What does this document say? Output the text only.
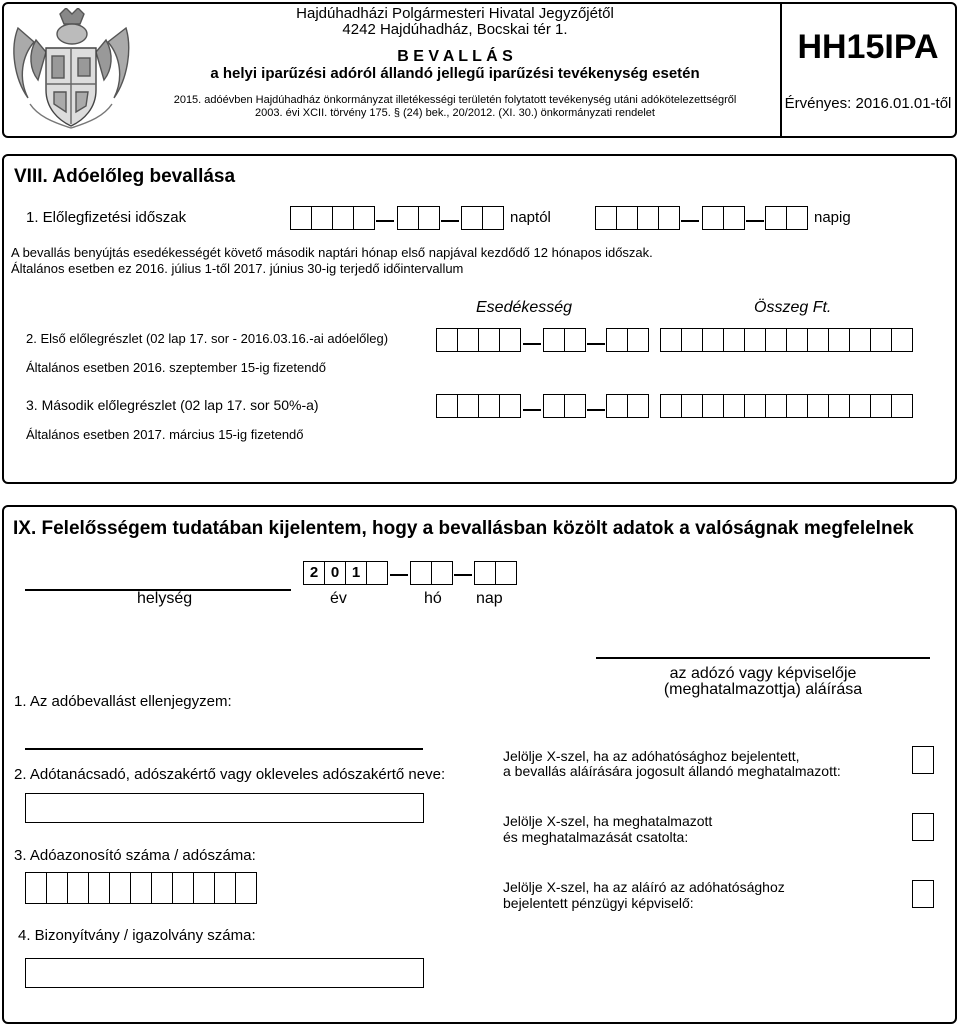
Hajdúhadházi Polgármesteri Hivatal Jegyzőjétől
4242 Hajdúhadház, Bocskai tér 1.
B E V A L L Á S
a helyi iparűzési adóról állandó jellegű iparűzési tevékenység esetén
2015. adóévben Hajdúhadház önkormányzat illetékességi területén folytatott tevékenység utáni adókötelezettségről
2003. évi XCII. törvény 175. § (24) bek., 20/2012. (XI. 30.) önkormányzati rendelet
HH15IPA
Érvényes: 2016.01.01-től
VIII. Adóelőleg bevallása
1. Előlegfizetési időszak	naptól	napig
A bevallás benyújtás esedékességét követő második naptári hónap első napjával kezdődő 12 hónapos időszak.
Általános esetben ez 2016. július 1-től 2017. június 30-ig terjedő időintervallum
Esedékesség	Összeg Ft.
2. Első előlegrészlet (02 lap 17. sor - 2016.03.16.-ai adóelőleg)
Általános esetben 2016. szeptember 15-ig fizetendő
3. Második előlegrészlet (02 lap 17. sor 50%-a)
Általános esetben 2017. március 15-ig fizetendő
IX. Felelősségem tudatában kijelentem, hogy a bevallásban közölt adatok a valóságnak megfelelnek
helység
2 0 1
év	hó nap
az adózó vagy képviselője
(meghatalmazottja) aláírása
1. Az adóbevallást ellenjegyzem:
2. Adótanácsadó, adószakértő vagy okleveles adószakértő neve:
3. Adóazonosító száma / adószáma:
4. Bizonyítvány / igazolvány száma:
Jelölje X-szel, ha az adóhatósághoz bejelentett,
a bevallás aláírására jogosult állandó meghatalmazott:
Jelölje X-szel, ha meghatalmazott
és meghatalmazását csatolta:
Jelölje X-szel, ha az aláíró az adóhatósághoz
bejelentett pénzügyi képviselő:
